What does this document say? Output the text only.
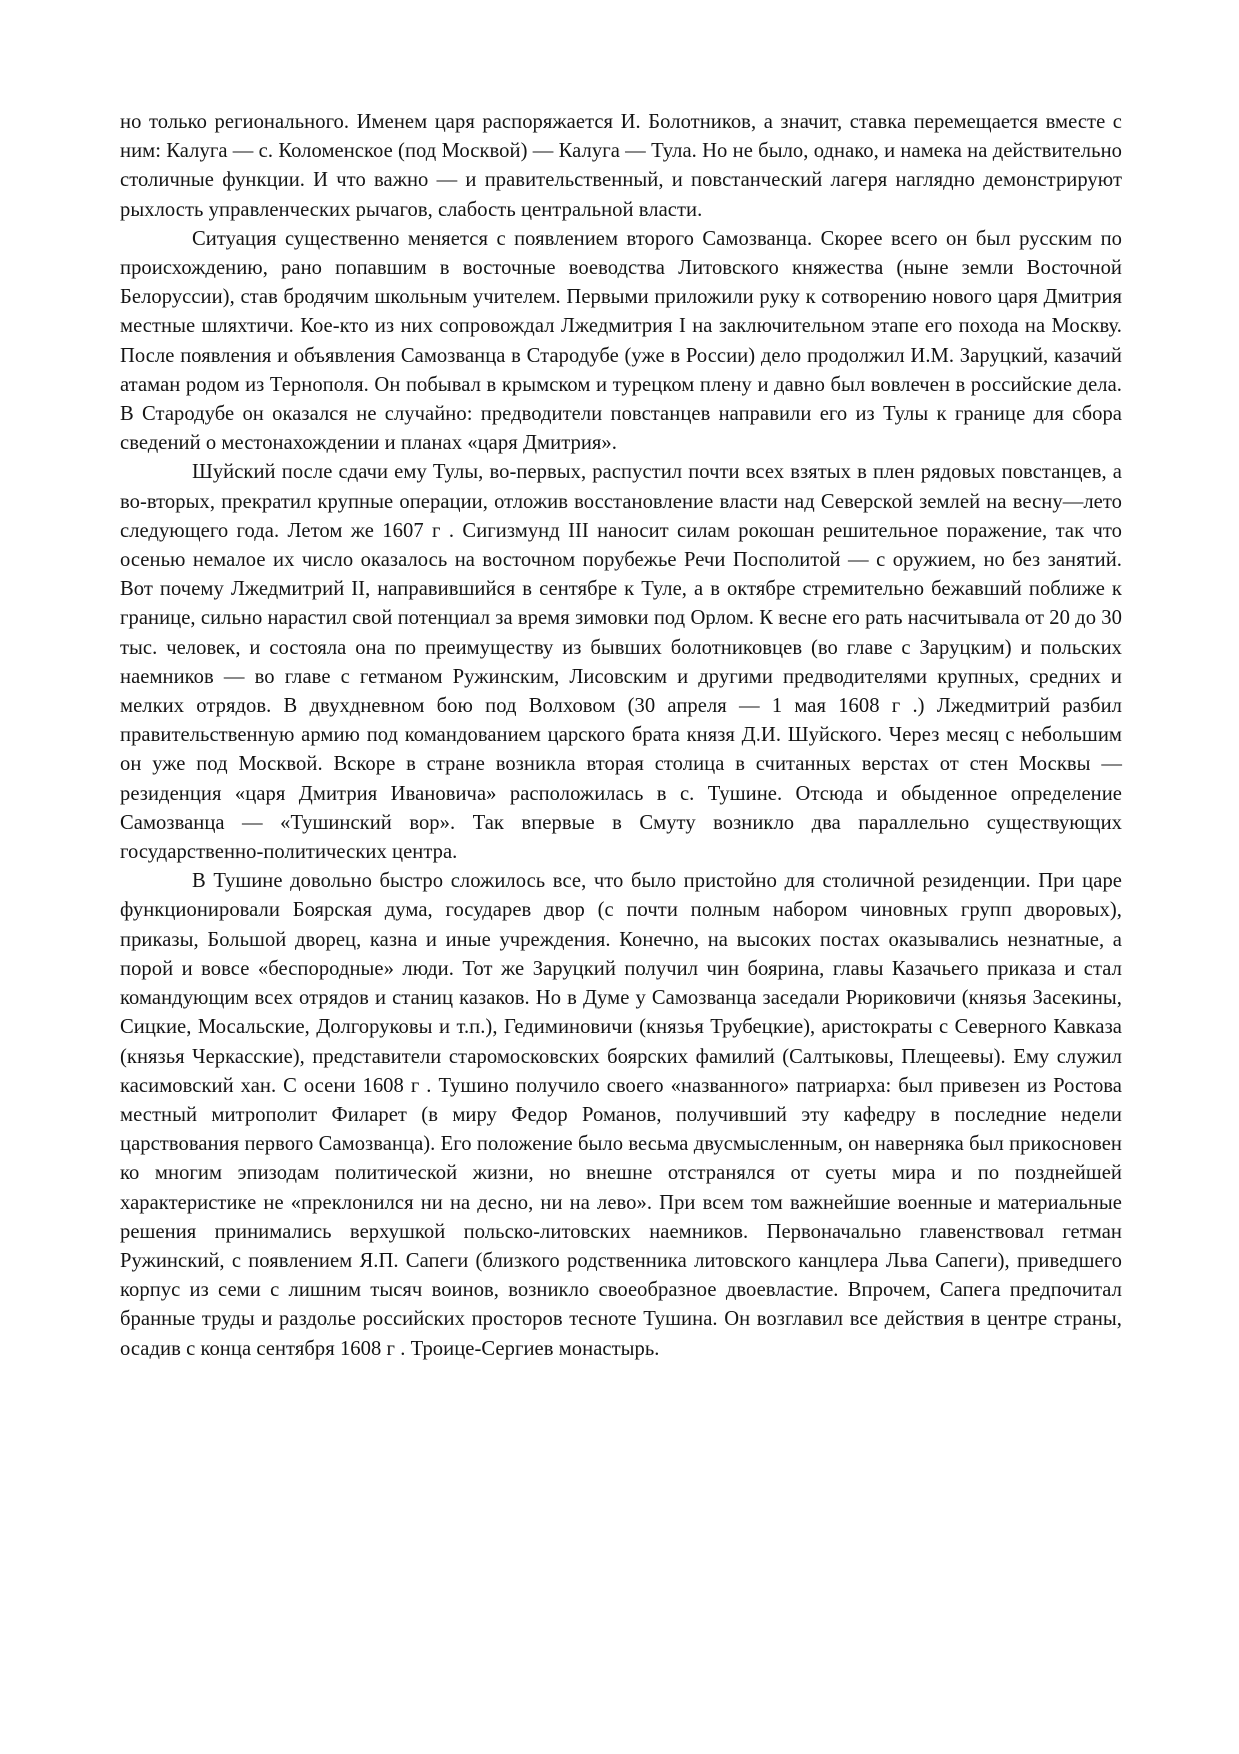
но только регионального. Именем царя распоряжается И. Болотников, а значит, ставка перемещается вместе с ним: Калуга — с. Коломенское (под Москвой) — Калуга — Тула. Но не было, однако, и намека на действительно столичные функции. И что важно — и правительственный, и повстанческий лагеря наглядно демонстрируют рыхлость управленческих рычагов, слабость центральной власти.

Ситуация существенно меняется с появлением второго Самозванца. Скорее всего он был русским по происхождению, рано попавшим в восточные воеводства Литовского княжества (ныне земли Восточной Белоруссии), став бродячим школьным учителем. Первыми приложили руку к сотворению нового царя Дмитрия местные шляхтичи. Кое-кто из них сопровождал Лжедмитрия I на заключительном этапе его похода на Москву. После появления и объявления Самозванца в Стародубе (уже в России) дело продолжил И.М. Заруцкий, казачий атаман родом из Тернополя. Он побывал в крымском и турецком плену и давно был вовлечен в российские дела. В Стародубе он оказался не случайно: предводители повстанцев направили его из Тулы к границе для сбора сведений о местонахождении и планах «царя Дмитрия».

Шуйский после сдачи ему Тулы, во-первых, распустил почти всех взятых в плен рядовых повстанцев, а во-вторых, прекратил крупные операции, отложив восстановление власти над Северской землей на весну—лето следующего года. Летом же 1607 г . Сигизмунд III наносит силам рокошан решительное поражение, так что осенью немалое их число оказалось на восточном порубежье Речи Посполитой — с оружием, но без занятий. Вот почему Лжедмитрий II, направившийся в сентябре к Туле, а в октябре стремительно бежавший поближе к границе, сильно нарастил свой потенциал за время зимовки под Орлом. К весне его рать насчитывала от 20 до 30 тыс. человек, и состояла она по преимуществу из бывших болотниковцев (во главе с Заруцким) и польских наемников — во главе с гетманом Ружинским, Лисовским и другими предводителями крупных, средних и мелких отрядов. В двухдневном бою под Волховом (30 апреля — 1 мая 1608 г .) Лжедмитрий разбил правительственную армию под командованием царского брата князя Д.И. Шуйского. Через месяц с небольшим он уже под Москвой. Вскоре в стране возникла вторая столица в считанных верстах от стен Москвы — резиденция «царя Дмитрия Ивановича» расположилась в с. Тушине. Отсюда и обыденное определение Самозванца — «Тушинский вор». Так впервые в Смуту возникло два параллельно существующих государственно-политических центра.

В Тушине довольно быстро сложилось все, что было пристойно для столичной резиденции. При царе функционировали Боярская дума, государев двор (с почти полным набором чиновных групп дворовых), приказы, Большой дворец, казна и иные учреждения. Конечно, на высоких постах оказывались незнатные, а порой и вовсе «беспородные» люди. Тот же Заруцкий получил чин боярина, главы Казачьего приказа и стал командующим всех отрядов и станиц казаков. Но в Думе у Самозванца заседали Рюриковичи (князья Засекины, Сицкие, Мосальские, Долгоруковы и т.п.), Гедиминовичи (князья Трубецкие), аристократы с Северного Кавказа (князья Черкасские), представители старомосковских боярских фамилий (Салтыковы, Плещеевы). Ему служил касимовский хан. С осени 1608 г . Тушино получило своего «названного» патриарха: был привезен из Ростова местный митрополит Филарет (в миру Федор Романов, получивший эту кафедру в последние недели царствования первого Самозванца). Его положение было весьма двусмысленным, он наверняка был прикосновен ко многим эпизодам политической жизни, но внешне отстранялся от суеты мира и по позднейшей характеристике не «преклонился ни на десно, ни на лево». При всем том важнейшие военные и материальные решения принимались верхушкой польско-литовских наемников. Первоначально главенствовал гетман Ружинский, с появлением Я.П. Сапеги (близкого родственника литовского канцлера Льва Сапеги), приведшего корпус из семи с лишним тысяч воинов, возникло своеобразное двоевластие. Впрочем, Сапега предпочитал бранные труды и раздолье российских просторов тесноте Тушина. Он возглавил все действия в центре страны, осадив с конца сентября 1608 г . Троице-Сергиев монастырь.
